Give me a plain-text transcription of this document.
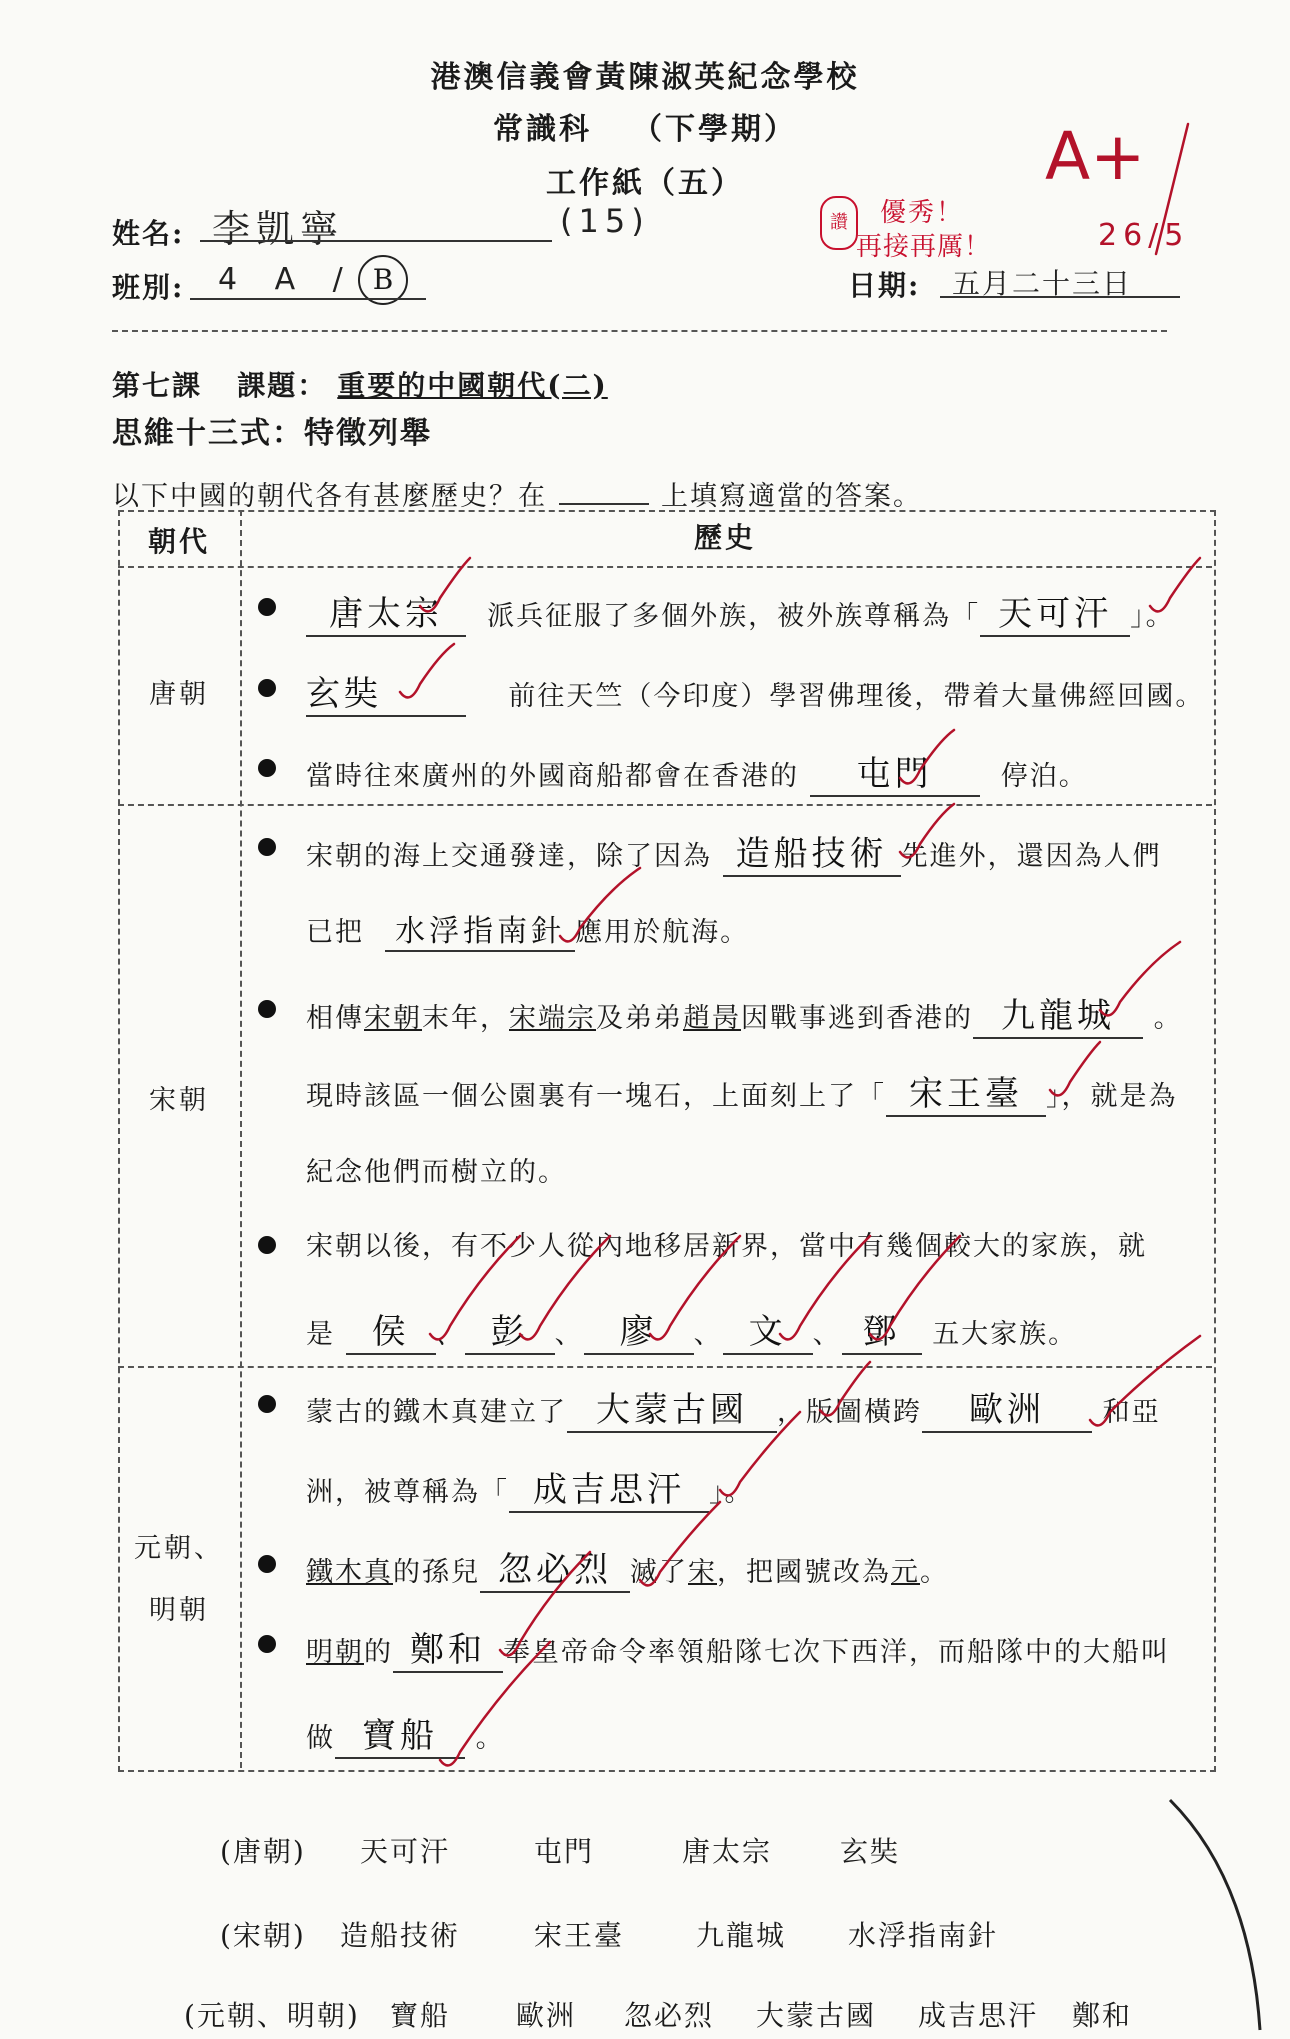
港澳信義會黃陳淑英紀念學校
常識科 （下學期）
工作紙（五）
姓名: 李凱寧	(15)
班別: 4 A / B	日期: 五月二十三日
讚	優秀！
再接再厲！
A+
26/5
第七課 課題： 重要的中國朝代(二)
思維十三式：特徵列舉
以下中國的朝代各有甚麼歷史？在	上填寫適當的答案。
朝代	歷史
唐朝
唐太宗 派兵征服了多個外族，被外族尊稱為「 天可汗 」。
玄奘	前往天竺（今印度）學習佛理後，帶着大量佛經回國。
當時往來廣州的外國商船都會在香港的 屯門	停泊。
宋朝
宋朝的海上交通發達，除了因為 造船技術 先進外，還因為人們
已把 水浮指南針 應用於航海。
相傳宋朝末年，宋端宗及弟弟趙昺因戰事逃到香港的 九龍城 。
現時該區一個公園裏有一塊石，上面刻上了「 宋王臺 」，就是為
紀念他們而樹立的。
宋朝以後，有不少人從內地移居新界，當中有幾個較大的家族，就
是 侯 、 彭 、 廖 、 文 、 鄧 五大家族。
元朝、
明朝
蒙古的鐵木真建立了 大蒙古國 ，版圖橫跨 歐洲 和亞
洲，被尊稱為「 成吉思汗 」。
鐵木真的孫兒 忽必烈 滅了宋，把國號改為元。
明朝的 鄭和 奉皇帝命令率領船隊七次下西洋，而船隊中的大船叫
做 寶船 。
(唐朝) 天可汗	屯門	唐太宗 玄奘
(宋朝) 造船技術	宋王臺	九龍城 水浮指南針
(元朝、明朝) 寶船 歐洲 忽必烈 大蒙古國 成吉思汗 鄭和
